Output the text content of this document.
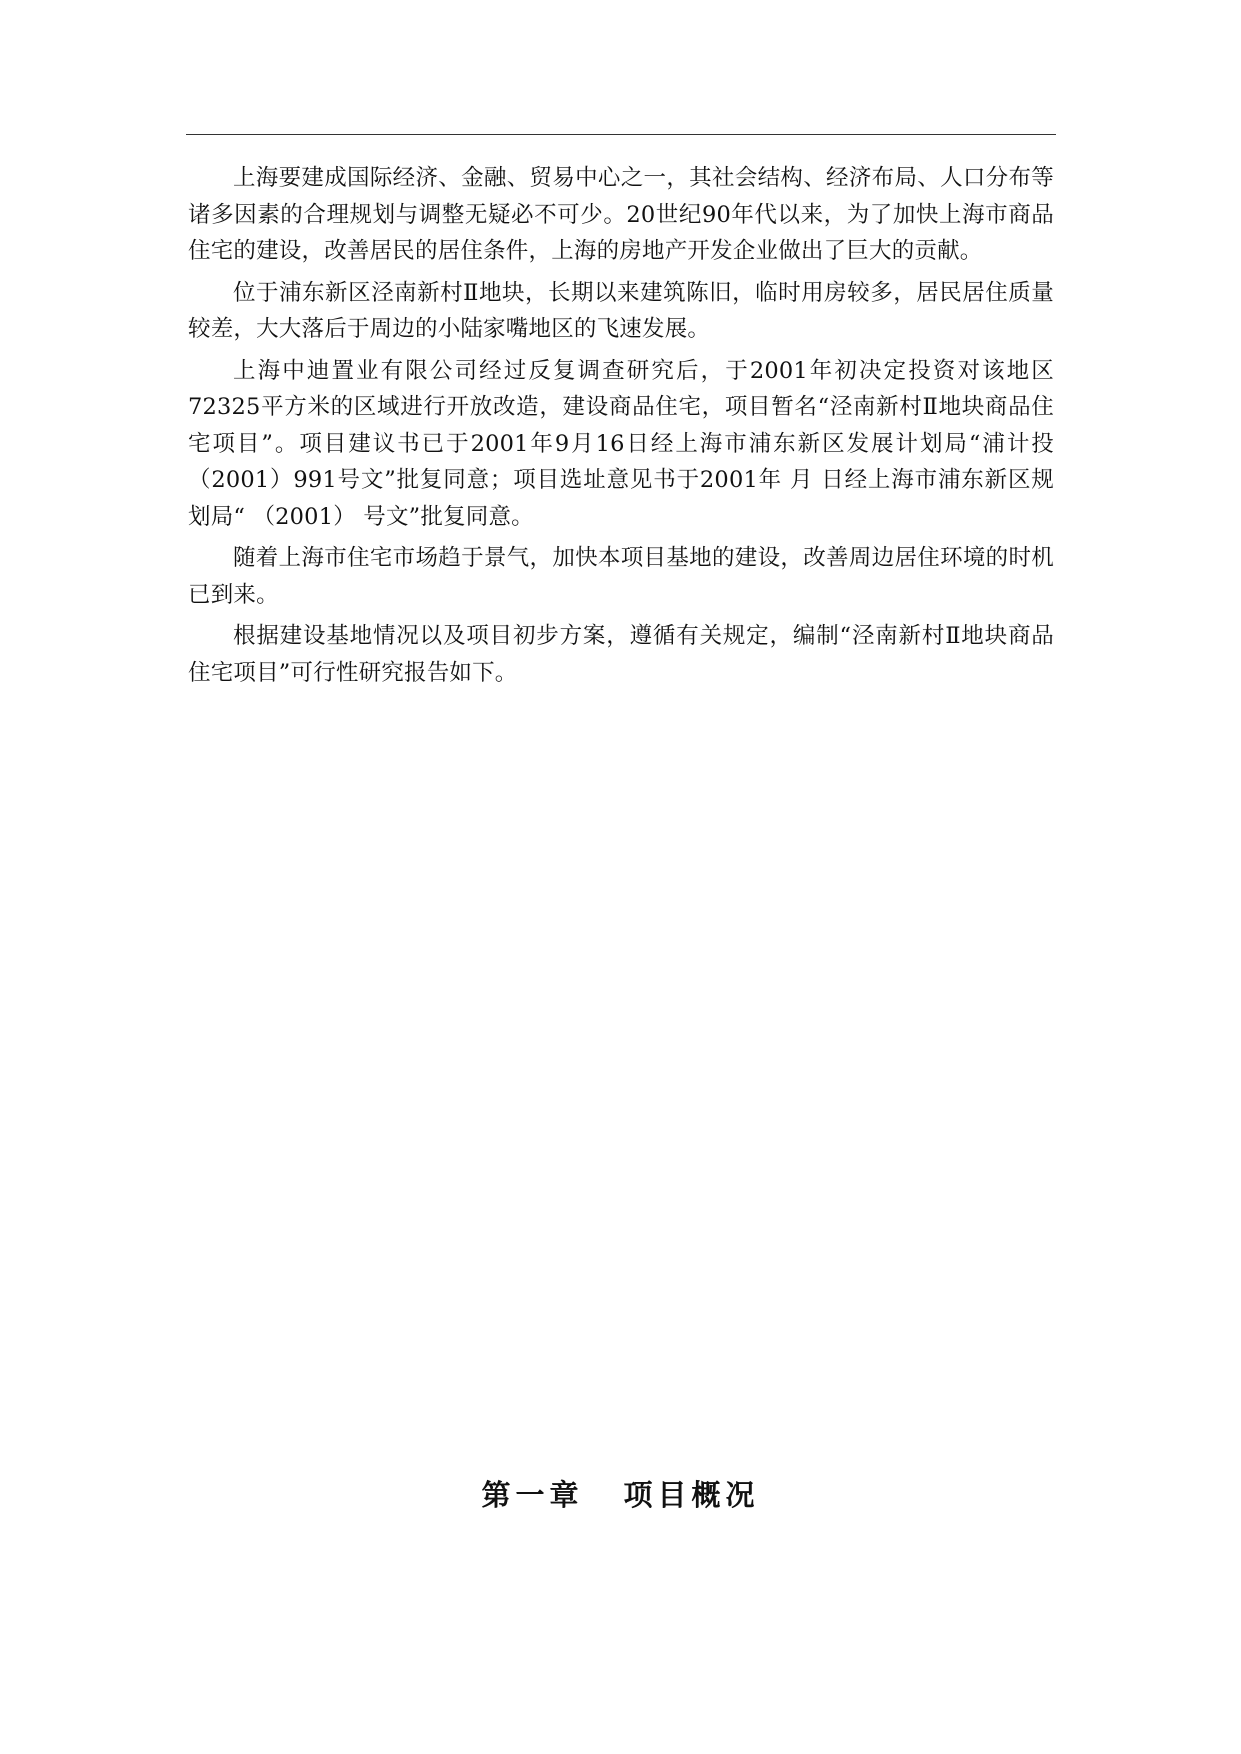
上海要建成国际经济、金融、贸易中心之一，其社会结构、经济布局、人口分布等诸多因素的合理规划与调整无疑必不可少。20世纪90年代以来，为了加快上海市商品住宅的建设，改善居民的居住条件，上海的房地产开发企业做出了巨大的贡献。

位于浦东新区泾南新村Ⅱ地块，长期以来建筑陈旧，临时用房较多，居民居住质量较差，大大落后于周边的小陆家嘴地区的飞速发展。

上海中迪置业有限公司经过反复调查研究后，于2001年初决定投资对该地区72325平方米的区域进行开放改造，建设商品住宅，项目暂名“泾南新村Ⅱ地块商品住宅项目”。项目建议书已于2001年9月16日经上海市浦东新区发展计划局“浦计投（2001）991号文”批复同意；项目选址意见书于2001年 月 日经上海市浦东新区规划局“ （2001） 号文”批复同意。

随着上海市住宅市场趋于景气，加快本项目基地的建设，改善周边居住环境的时机已到来。

根据建设基地情况以及项目初步方案，遵循有关规定，编制“泾南新村Ⅱ地块商品住宅项目”可行性研究报告如下。

第一章 项目概况
